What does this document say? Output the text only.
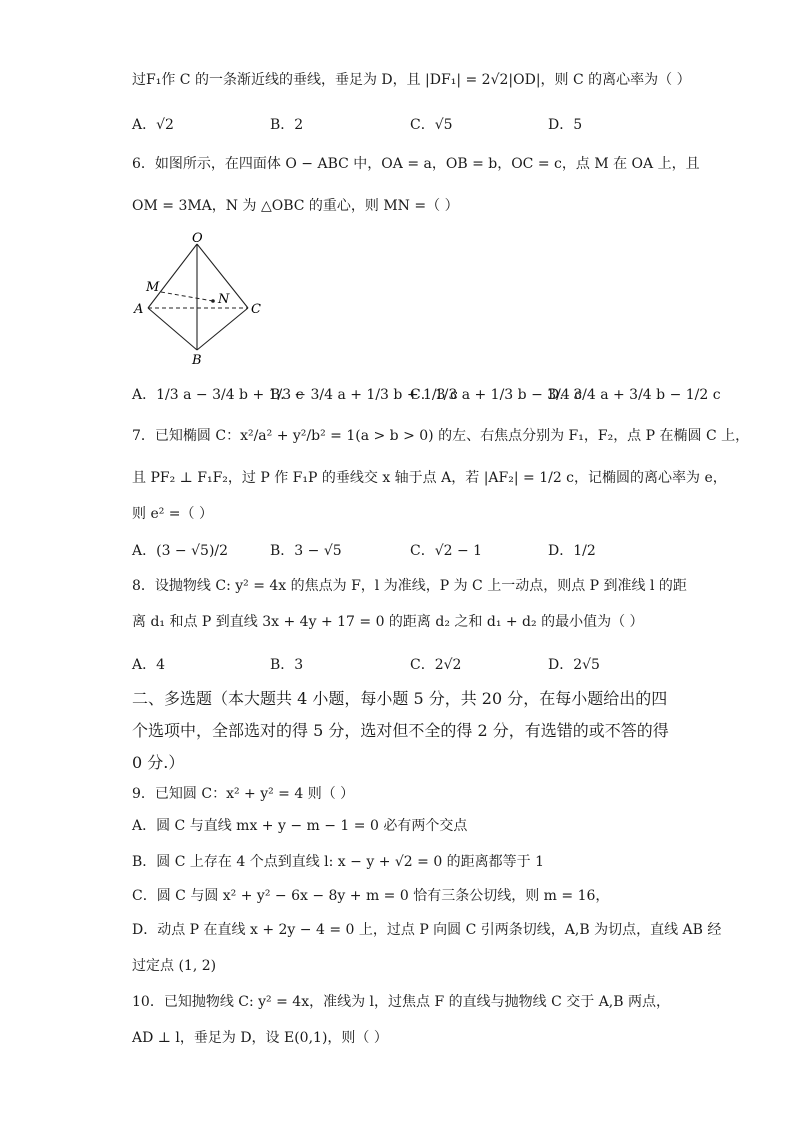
过F₁作 C 的一条渐近线的垂线，垂足为 D，且 |DF₁| = 2√2|OD|，则 C 的离心率为（ ）
A．√2	B．2	C．√5	D．5
6．如图所示，在四面体 O − ABC 中，OA = a，OB = b，OC = c，点 M 在 OA 上，且
OM = 3MA，N 为 △OBC 的重心，则 MN =（ ）
O
M
N
A	C
B
A．1/3 a − 3/4 b + 1/3 c
B．− 3/4 a + 1/3 b + 1/3 c
C．1/3 a + 1/3 b − 3/4 c
D．3/4 a + 3/4 b − 1/2 c
7．已知椭圆 C：x²/a² + y²/b² = 1(a > b > 0) 的左、右焦点分别为 F₁，F₂，点 P 在椭圆 C 上，
且 PF₂ ⊥ F₁F₂，过 P 作 F₁P 的垂线交 x 轴于点 A，若 |AF₂| = 1/2 c，记椭圆的离心率为 e，
则 e² =（ ）
A．(3 − √5)/2	B．3 − √5	C．√2 − 1	D．1/2
8．设抛物线 C: y² = 4x 的焦点为 F，l 为准线，P 为 C 上一动点，则点 P 到准线 l 的距
离 d₁ 和点 P 到直线 3x + 4y + 17 = 0 的距离 d₂ 之和 d₁ + d₂ 的最小值为（ ）
A．4	B．3	C．2√2	D．2√5
二、多选题（本大题共 4 小题，每小题 5 分，共 20 分，在每小题给出的四
个选项中，全部选对的得 5 分，选对但不全的得 2 分，有选错的或不答的得
0 分.）
9．已知圆 C：x² + y² = 4 则（ ）
A．圆 C 与直线 mx + y − m − 1 = 0 必有两个交点
B．圆 C 上存在 4 个点到直线 l: x − y + √2 = 0 的距离都等于 1
C．圆 C 与圆 x² + y² − 6x − 8y + m = 0 恰有三条公切线，则 m = 16，
D．动点 P 在直线 x + 2y − 4 = 0 上，过点 P 向圆 C 引两条切线，A,B 为切点，直线 AB 经
过定点 (1, 2)
10．已知抛物线 C: y² = 4x，准线为 l，过焦点 F 的直线与抛物线 C 交于 A,B 两点，
AD ⊥ l，垂足为 D，设 E(0,1)，则（ ）
